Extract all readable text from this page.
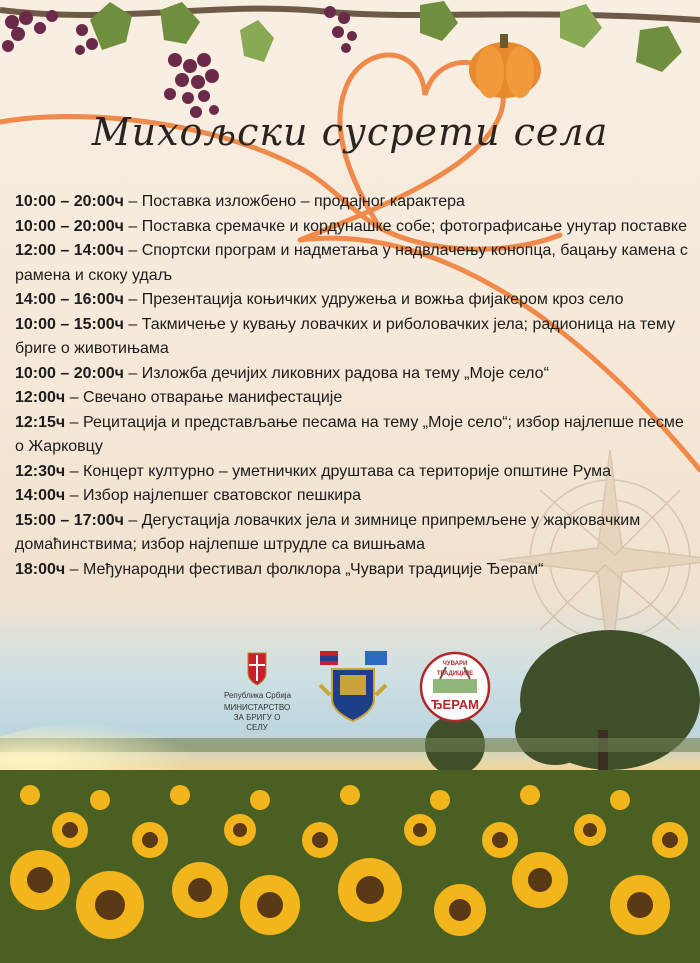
Михољски сусрети села

10:00 – 20:00ч – Поставка изложбено – продајног карактера

10:00 – 20:00ч – Поставка сремачке и кордунашке собе; фотографисање унутар поставке

12:00 – 14:00ч – Спортски програм и надметања у надвлачењу конопца, бацању камена с рамена и скоку удаљ

14:00 – 16:00ч – Презентација коњичких удружења и вожња фијакером кроз село

10:00 – 15:00ч – Такмичење у кувању ловачких и риболовачких јела; радионица на тему бриге о животињама

10:00 – 20:00ч – Изложба дечијих ликовних радова на тему „Моје село“

12:00ч – Свечано отварање манифестације

12:15ч – Рецитација и представљање песама на тему „Моје село“; избор најлепше песме о Жарковцу

12:30ч – Концерт културно – уметничких друштава са територије општине Рума

14:00ч – Избор најлепшег сватовског пешкира

15:00 – 17:00ч – Дегустација ловачких јела и зимнице припремљене у жарковачким домаћинствима; избор најлепше штрудле са вишњама

18:00ч – Међународни фестивал фолклора „Чувари традиције Ђерам“

Република Србија
МИНИСТАРСТВО ЗА БРИГУ О СЕЛУ
ЧУВАРИ ТРАДИЦИЈЕ
ЂЕРАМ
